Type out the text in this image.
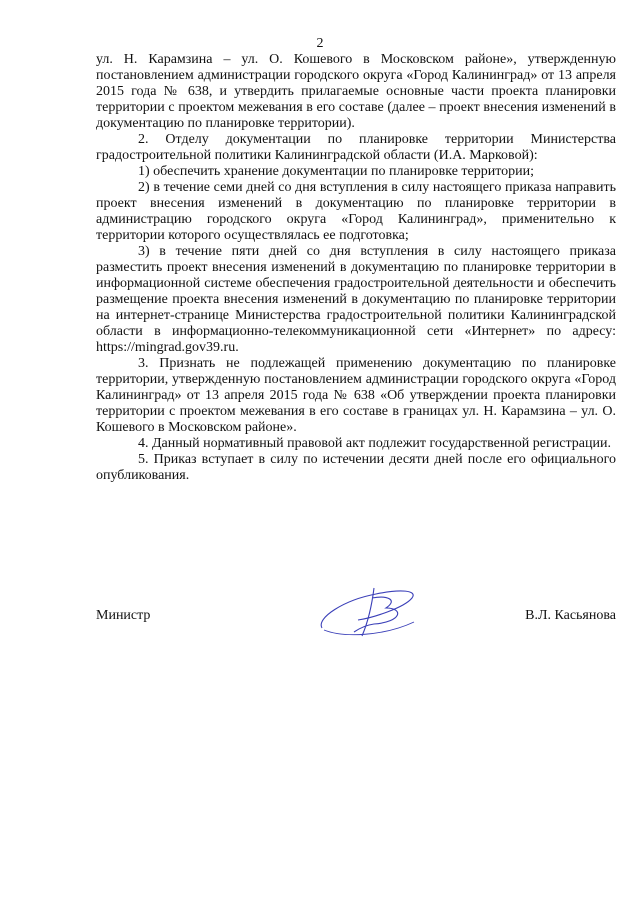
2

ул. Н. Карамзина – ул. О. Кошевого в Московском районе», утвержденную постановлением администрации городского округа «Город Калининград» от 13 апреля 2015 года № 638, и утвердить прилагаемые основные части проекта планировки территории с проектом межевания в его составе (далее – проект внесения изменений в документацию по планировке территории).

2. Отделу документации по планировке территории Министерства градостроительной политики Калининградской области (И.А. Марковой):

1) обеспечить хранение документации по планировке территории;

2) в течение семи дней со дня вступления в силу настоящего приказа направить проект внесения изменений в документацию по планировке территории в администрацию городского округа «Город Калининград», применительно к территории которого осуществлялась ее подготовка;

3) в течение пяти дней со дня вступления в силу настоящего приказа разместить проект внесения изменений в документацию по планировке территории в информационной системе обеспечения градостроительной деятельности и обеспечить размещение проекта внесения изменений в документацию по планировке территории на интернет-странице Министерства градостроительной политики Калининградской области в информационно-телекоммуникационной сети «Интернет» по адресу: https://mingrad.gov39.ru.

3. Признать не подлежащей применению документацию по планировке территории, утвержденную постановлением администрации городского округа «Город Калининград» от 13 апреля 2015 года № 638 «Об утверждении проекта планировки территории с проектом межевания в его составе в границах ул. Н. Карамзина – ул. О. Кошевого в Московском районе».

4. Данный нормативный правовой акт подлежит государственной регистрации.

5. Приказ вступает в силу по истечении десяти дней после его официального опубликования.

Министр	В.Л. Касьянова
